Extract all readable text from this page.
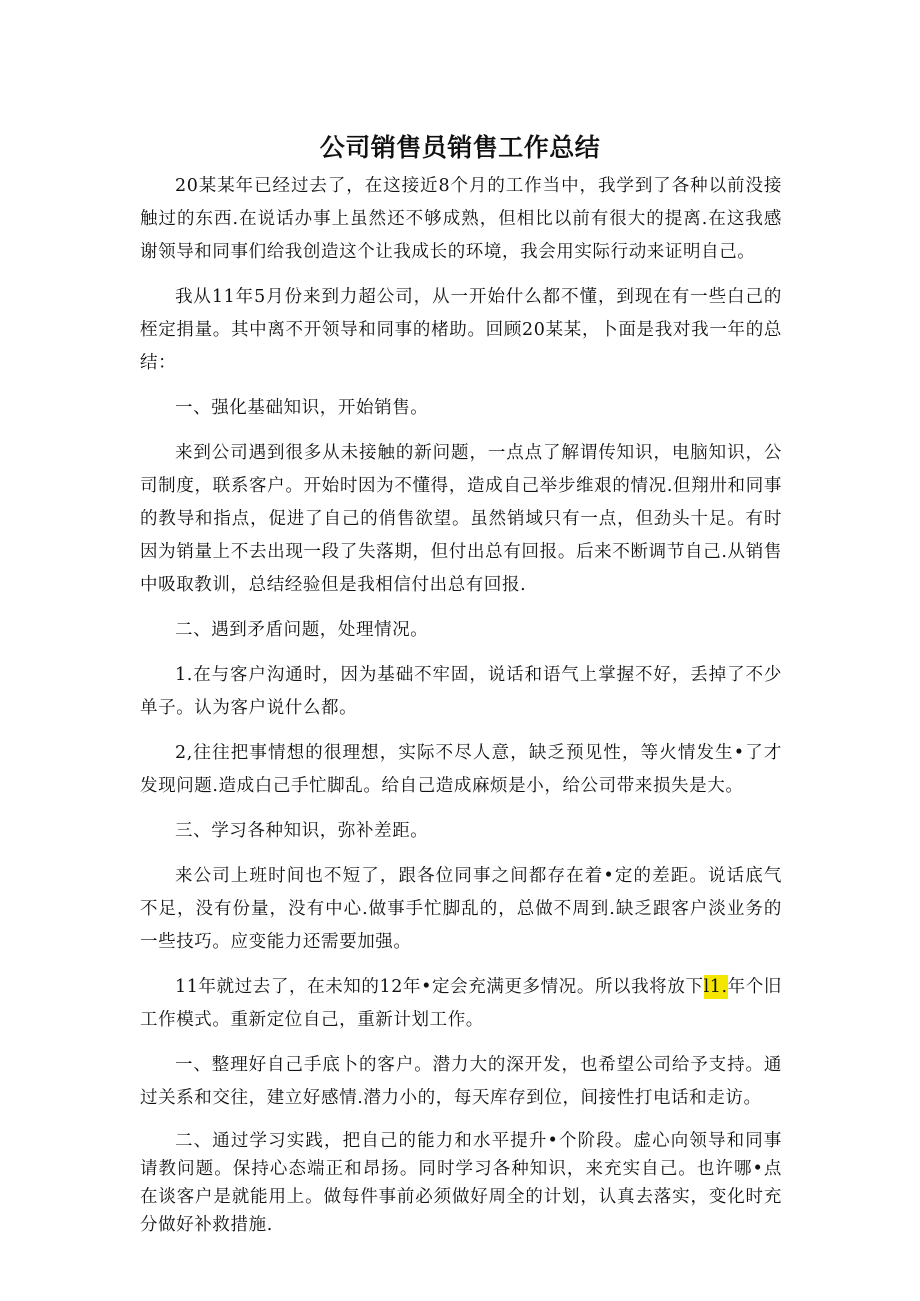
公司销售员销售工作总结

20某某年已经过去了，在这接近8个月的工作当中，我学到了各种以前没接触过的东西.在说话办事上虽然还不够成熟，但相比以前有很大的提离.在这我感谢领导和同事们给我创造这个让我成长的环境，我会用实际行动来证明自己。

我从11年5月份来到力超公司，从一开始什么都不懂，到现在有一些白己的桎定捐量。其中离不开领导和同事的楮助。回顾20某某，卜面是我对我一年的总结：

一、强化基础知识，开始销售。

来到公司遇到很多从未接触的新问题，一点点了解谓传知识，电脑知识，公司制度，联系客户。开始时因为不懂得，造成自己举步维艰的情况.但翔卅和同事的教导和指点，促进了自己的俏售欲望。虽然销域只有一点，但劲头十足。有时因为销量上不去出现一段了失落期，但付出总有回报。后来不断调节自己.从销售中吸取教训，总结经验但是我相信付出总有回报.

二、遇到矛盾问题，处理情况。

1.在与客户沟通时，因为基础不牢固，说话和语气上掌握不好，丢掉了不少单子。认为客户说什么都。

2,往往把事情想的很理想，实际不尽人意，缺乏预见性，等火情发生•了才发现问题.造成白己手忙脚乱。给自己造成麻烦是小，给公司带来损失是大。

三、学习各种知识，弥补差距。

来公司上班时间也不短了，跟各位同事之间都存在着•定的差距。说话底气不足，没有份量，没有中心.做事手忙脚乱的，总做不周到.缺乏跟客户淡业务的一些技巧。应变能力还需要加强。

11年就过去了，在未知的12年•定会充满更多情况。所以我将放下l1.年个旧工作模式。重新定位自己，重新计划工作。

一、整理好自己手底卜的客户。潜力大的深开发，也希望公司给予支持。通过关系和交往，建立好感情.潜力小的，每天库存到位，间接性打电话和走访。

二、通过学习实践，把自己的能力和水平提升•个阶段。虚心向领导和同事请教问题。保持心态端正和昂扬。同时学习各种知识，来充实自己。也许哪•点在谈客户是就能用上。做每件事前必须做好周全的计划，认真去落实，变化时充分做好补救措施.
